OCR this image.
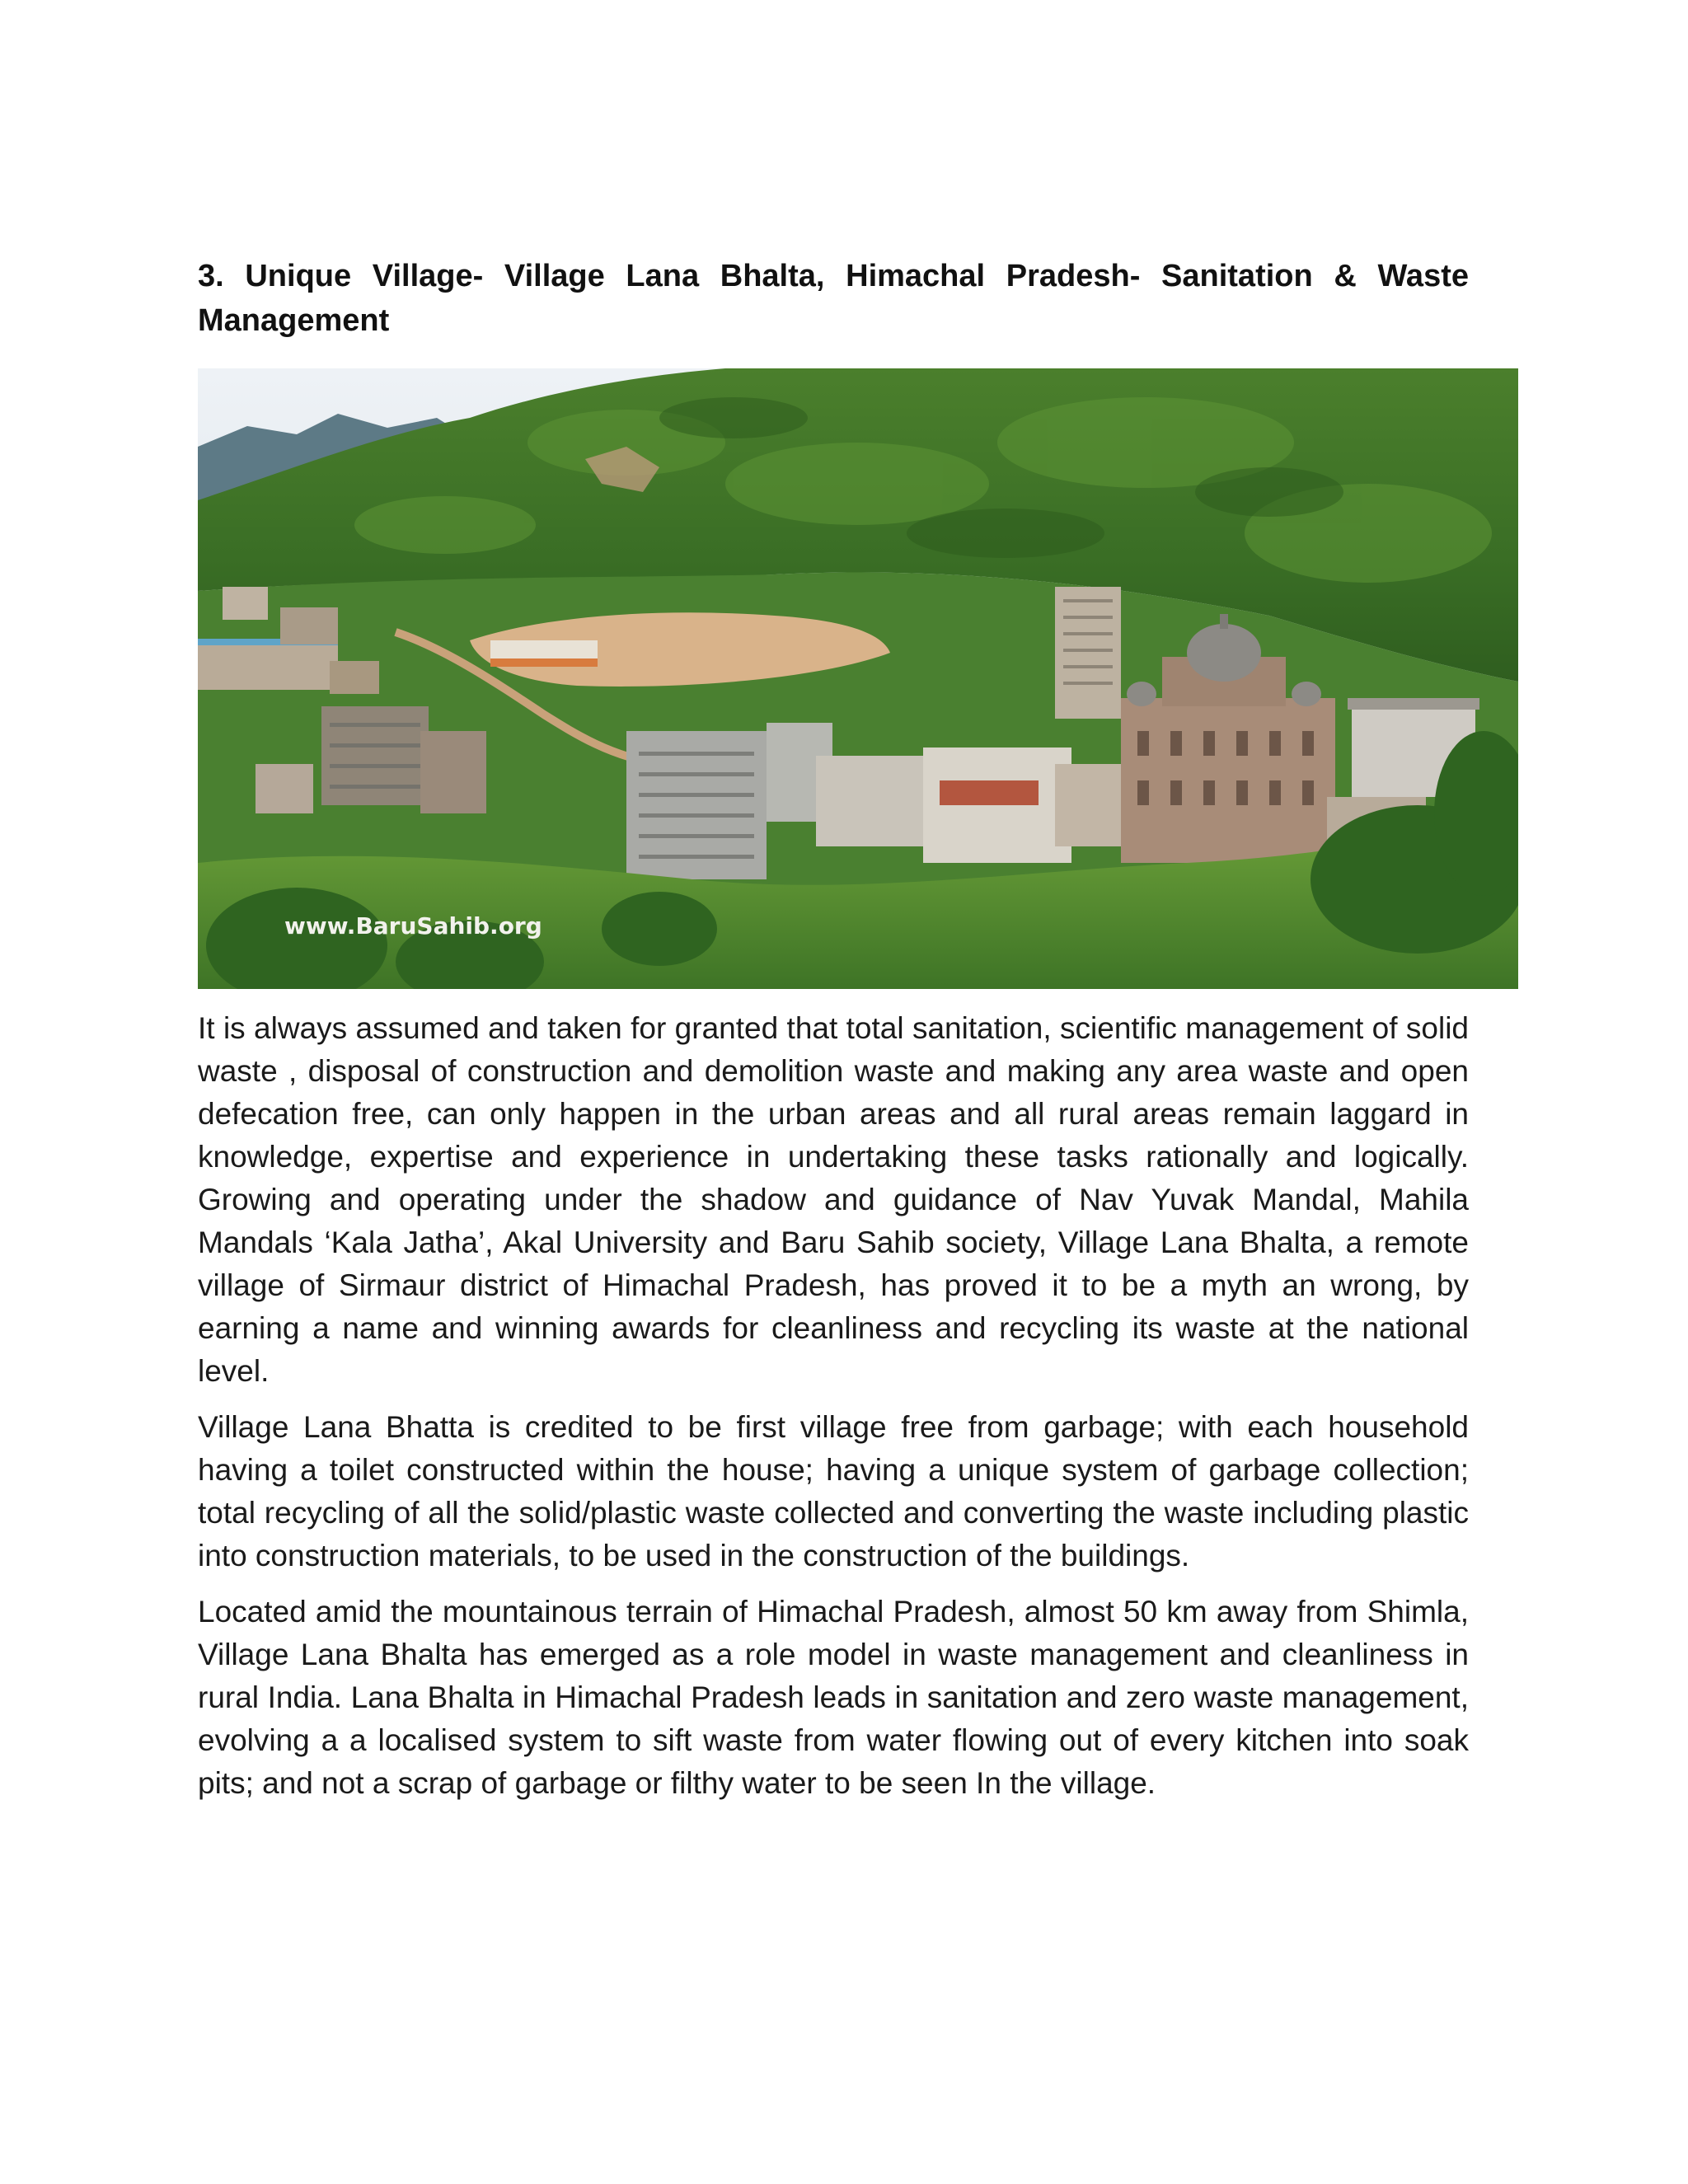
3. Unique Village- Village Lana Bhalta, Himachal Pradesh- Sanitation & Waste Management
www.BaruSahib.org

It is always assumed and taken for granted that total sanitation, scientific management of solid waste , disposal of construction and demolition waste and making any area waste and open defecation free, can only happen in the urban areas and all rural areas remain laggard in knowledge, expertise and experience in undertaking these tasks rationally and logically. Growing and operating under the shadow and guidance of Nav Yuvak Mandal, Mahila Mandals ‘Kala Jatha’, Akal University and Baru Sahib society, Village Lana Bhalta, a remote village of Sirmaur district of Himachal Pradesh, has proved it to be a myth an wrong, by earning a name and winning awards for cleanliness and recycling its waste at the national level.

Village Lana Bhatta is credited to be first village free from garbage; with each household having a toilet constructed within the house; having a unique system of garbage collection; total recycling of all the solid/plastic waste collected and converting the waste including plastic into construction materials, to be used in the construction of the buildings.

Located amid the mountainous terrain of Himachal Pradesh, almost 50 km away from Shimla, Village Lana Bhalta has emerged as a role model in waste management and cleanliness in rural India. Lana Bhalta in Himachal Pradesh leads in sanitation and zero waste management, evolving a a localised system to sift waste from water flowing out of every kitchen into soak pits; and not a scrap of garbage or filthy water to be seen In the village.
